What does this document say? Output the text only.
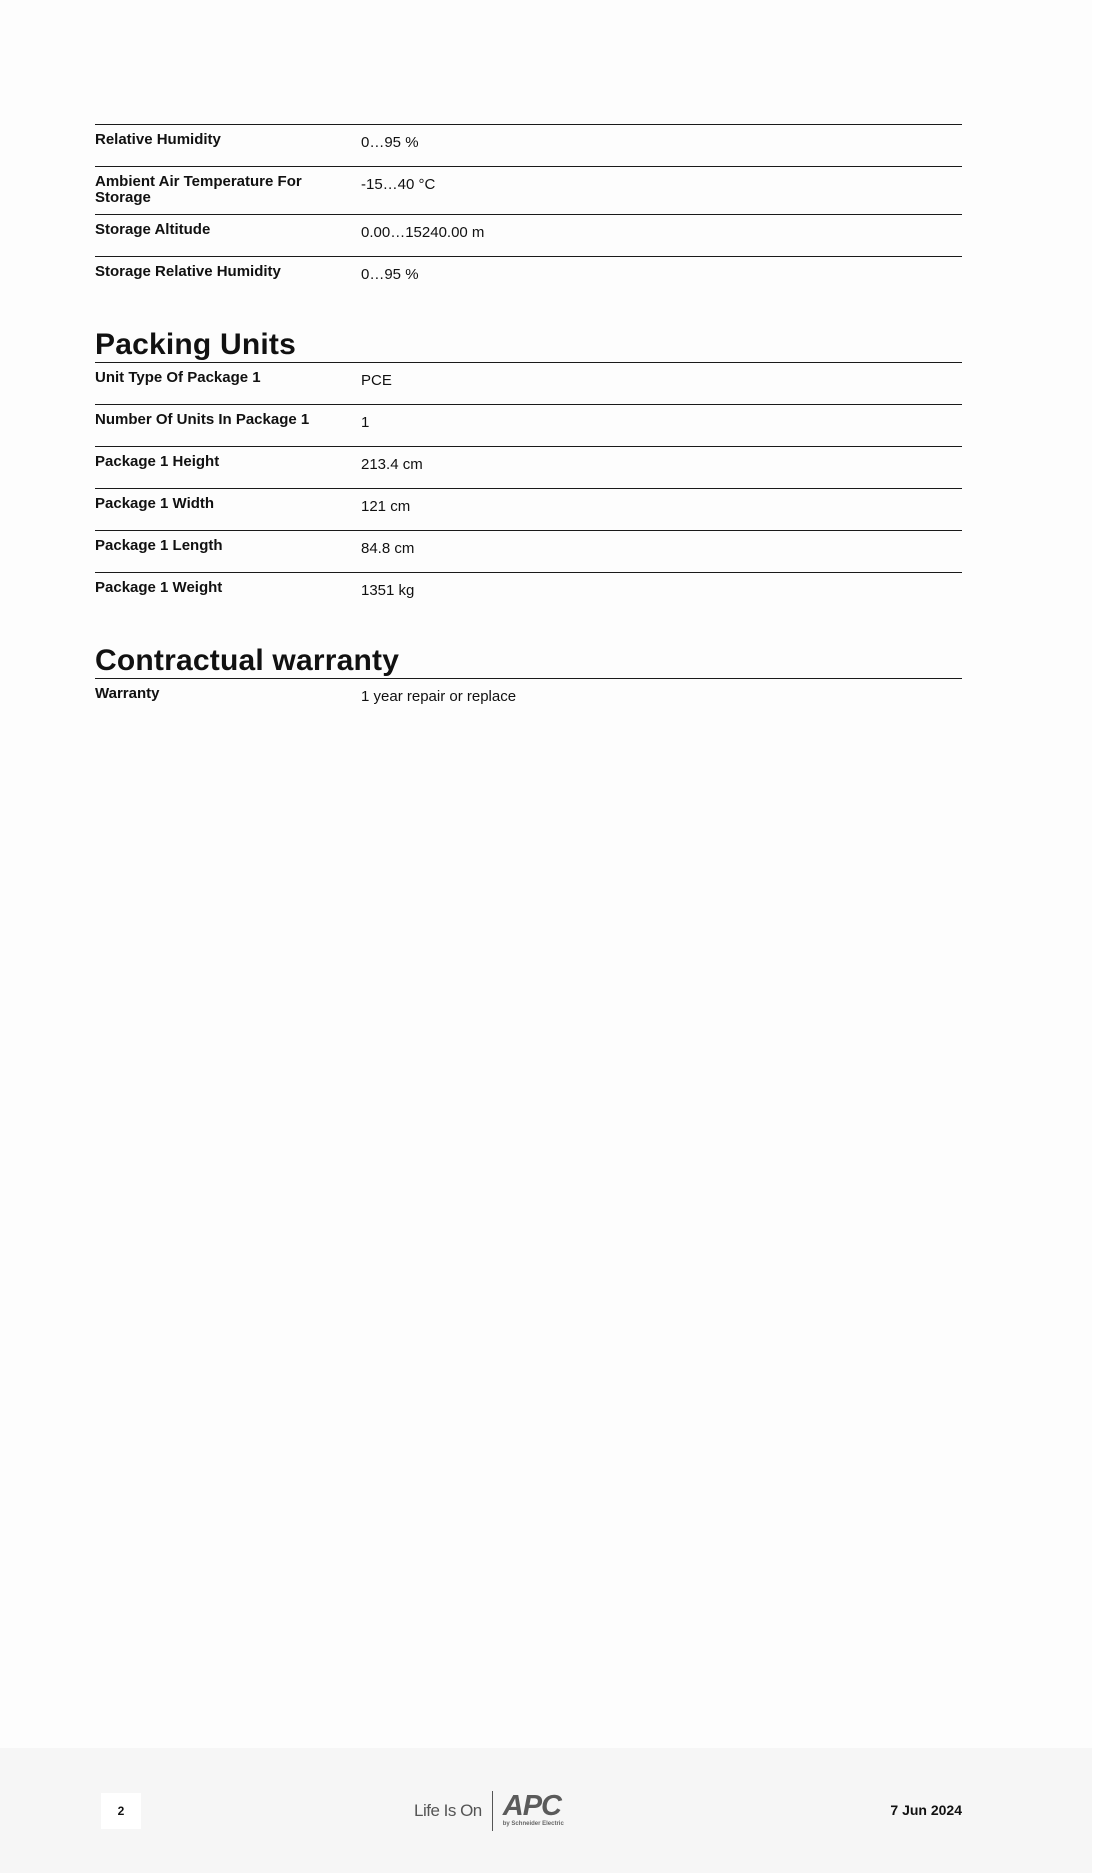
Relative Humidity	0…95 %
Ambient Air Temperature For Storage	-15…40 °C
Storage Altitude	0.00…15240.00 m
Storage Relative Humidity	0…95 %
Packing Units
Unit Type Of Package 1	PCE
Number Of Units In Package 1	1
Package 1 Height	213.4 cm
Package 1 Width	121 cm
Package 1 Length	84.8 cm
Package 1 Weight	1351 kg
Contractual warranty
Warranty	1 year repair or replace
2	Life Is On APC
by Schneider Electric
7 Jun 2024
